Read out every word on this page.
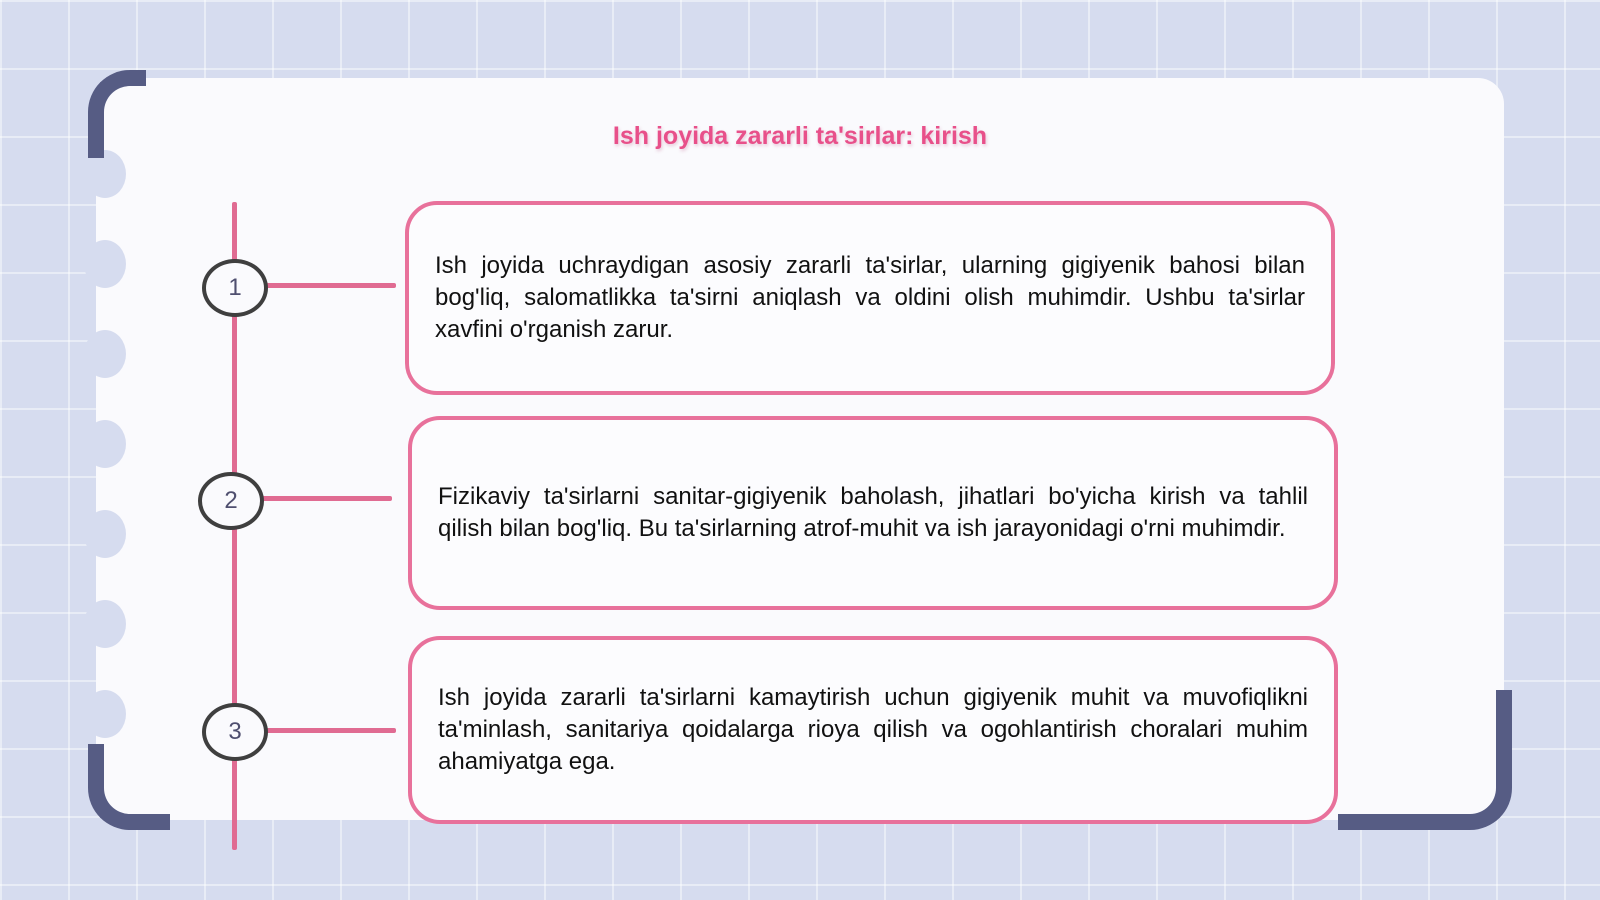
Ish joyida zararli ta'sirlar: kirish
1
2
3

Ish joyida uchraydigan asosiy zararli ta'sirlar, ularning gigiyenik bahosi bilan bog'liq, salomatlikka ta'sirni aniqlash va oldini olish muhimdir. Ushbu ta'sirlar xavfini o'rganish zarur.

Fizikaviy ta'sirlarni sanitar-gigiyenik baholash, jihatlari bo'yicha kirish va tahlil qilish bilan bog'liq. Bu ta'sirlarning atrof-muhit va ish jarayonidagi o'rni muhimdir.

Ish joyida zararli ta'sirlarni kamaytirish uchun gigiyenik muhit va muvofiqlikni ta'minlash, sanitariya qoidalarga rioya qilish va ogohlantirish choralari muhim ahamiyatga ega.
